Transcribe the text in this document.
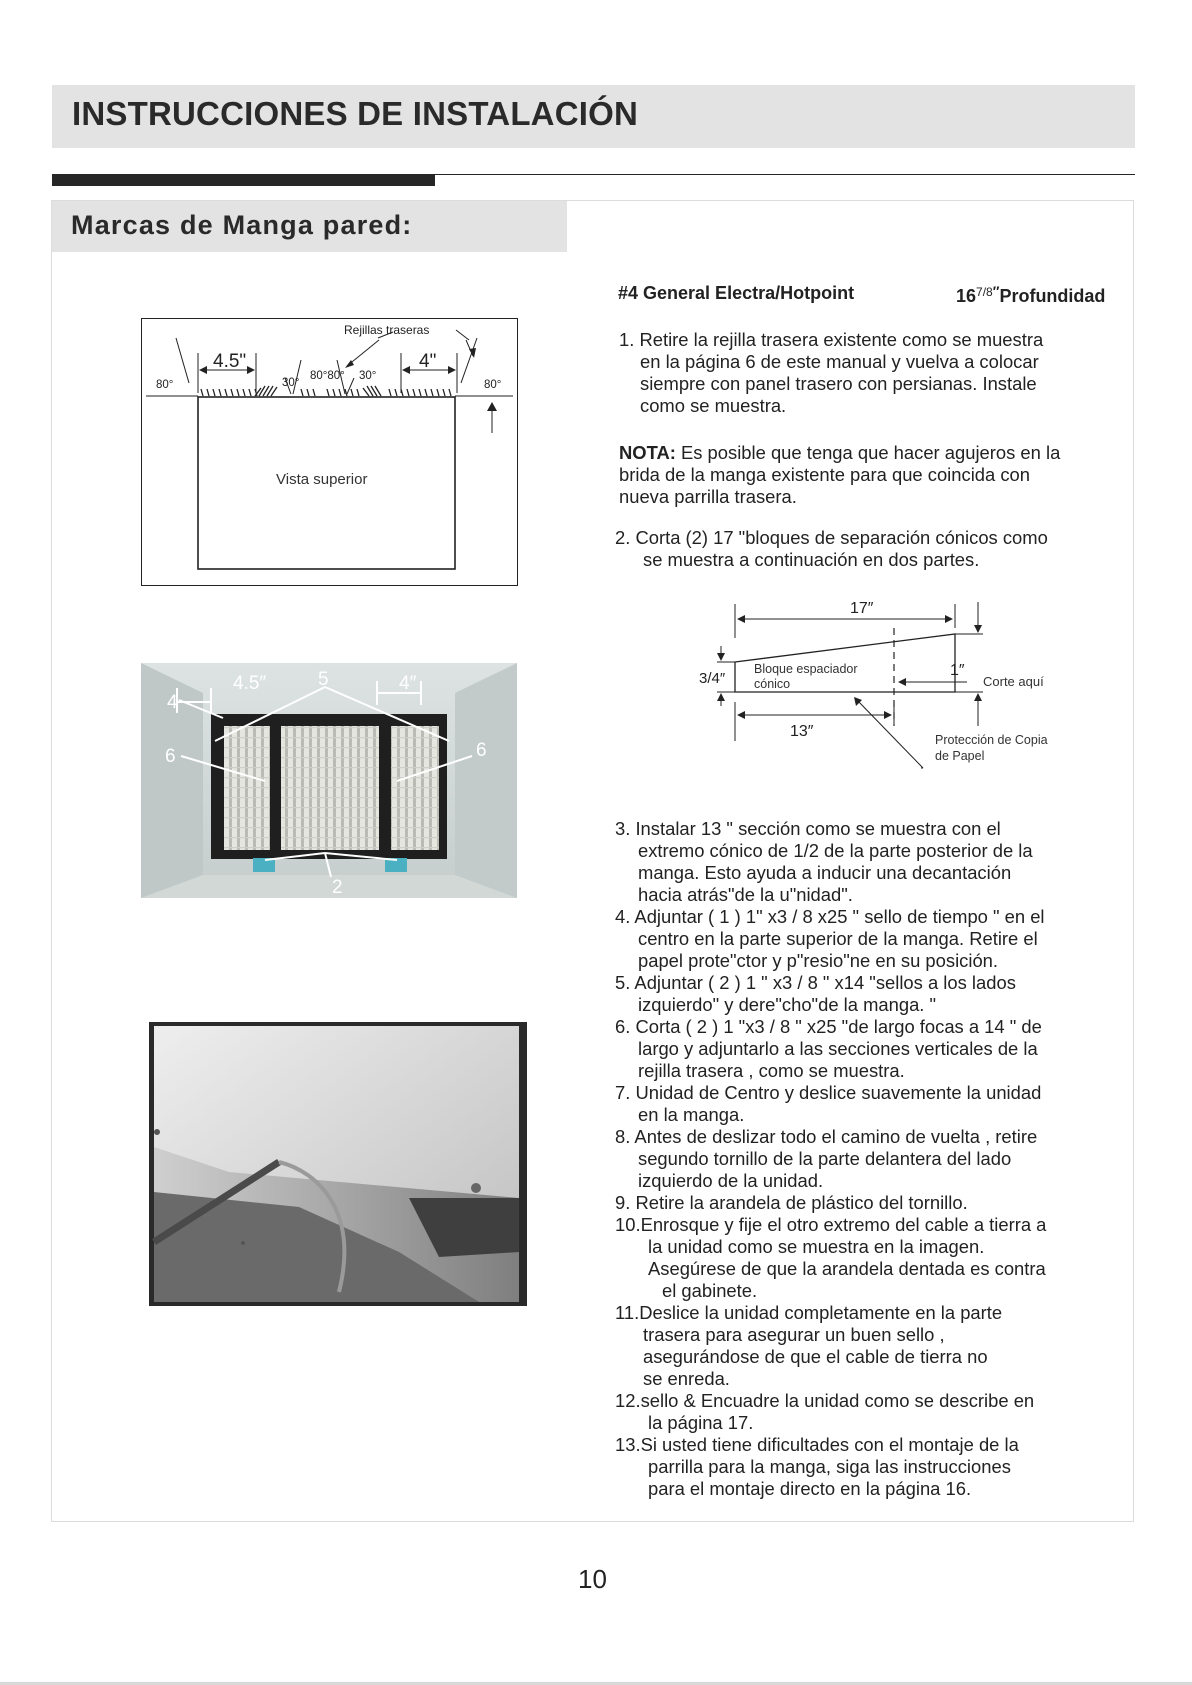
INSTRUCCIONES DE INSTALACIÓN
Marcas de Manga pared:
Rejillas traseras
4.5"	4"
80°	80°
30°
80°80° 30°
Vista superior
4.5″	4″
5
4
6	6
2
#4 General Electra/Hotpoint	$16^{7/8''}Profundidad$
17″
13″
3/4″	1″
Bloque espaciador
cónico	Corte aquí
Protección de Copia
de Papel
10
1. Retire la rejilla trasera existente como se muestra
en la página 6 de este manual y vuelva a colocar
siempre con panel trasero con persianas. Instale
como se muestra.
NOTA: Es posible que tenga que hacer agujeros en la
brida de la manga existente para que coincida con
nueva parrilla trasera.
2. Corta (2) 17 "bloques de separación cónicos como
se muestra a continuación en dos partes.
3. Instalar 13 " sección como se muestra con el
extremo cónico de 1/2 de la parte posterior de la
manga. Esto ayuda a inducir una decantación
hacia atrás"de la u"nidad".
4. Adjuntar ( 1 ) 1" x3 / 8 x25 " sello de tiempo " en el
centro en la parte superior de la manga. Retire el
papel prote"ctor y p"resio"ne en su posición.
5. Adjuntar ( 2 ) 1 " x3 / 8 " x14 "sellos a los lados
izquierdo" y dere"cho"de la manga. "
6. Corta ( 2 ) 1 "x3 / 8 " x25 "de largo focas a 14 " de
largo y adjuntarlo a las secciones verticales de la
rejilla trasera , como se muestra.
7. Unidad de Centro y deslice suavemente la unidad
en la manga.
8. Antes de deslizar todo el camino de vuelta , retire
segundo tornillo de la parte delantera del lado
izquierdo de la unidad.
9. Retire la arandela de plástico del tornillo.
10.Enrosque y fije el otro extremo del cable a tierra a
la unidad como se muestra en la imagen.
Asegúrese de que la arandela dentada es contra
el gabinete.
11.Deslice la unidad completamente en la parte
trasera para asegurar un buen sello ,
asegurándose de que el cable de tierra no
se enreda.
12.sello & Encuadre la unidad como se describe en
la página 17.
13.Si usted tiene dificultades con el montaje de la
parrilla para la manga, siga las instrucciones
para el montaje directo en la página 16.
